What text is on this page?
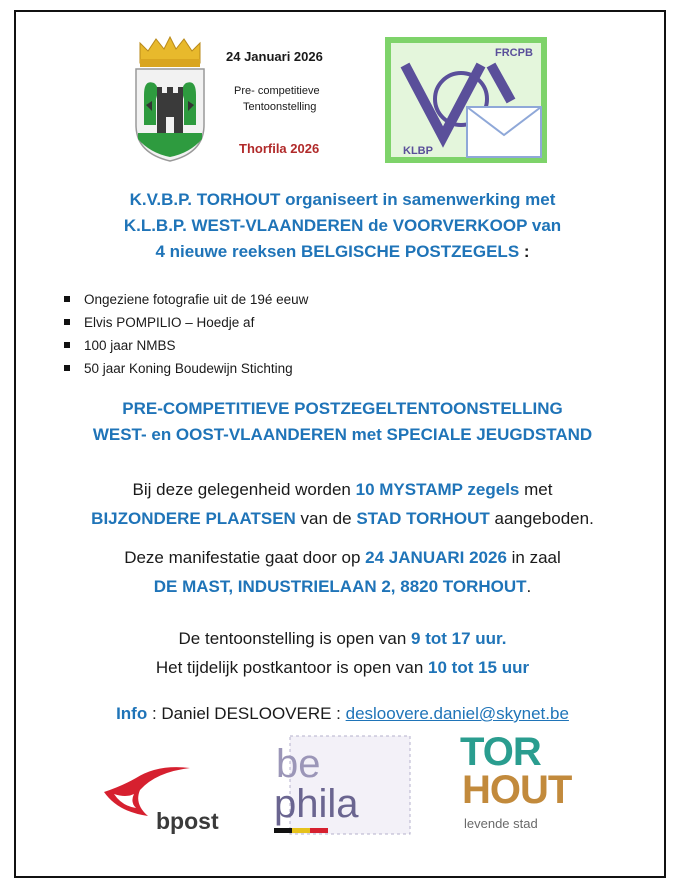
24 Januari 2026
Pre- competitieve
Tentoonstelling
Thorfila 2026
FRCPB
KLBP
K.V.B.P. TORHOUT organiseert in samenwerking met
K.L.B.P. WEST-VLAANDEREN de VOORVERKOOP van
4 nieuwe reeksen BELGISCHE POSTZEGELS :
Ongeziene fotografie uit de 19é eeuw
Elvis POMPILIO – Hoedje af
100 jaar NMBS
50 jaar Koning Boudewijn Stichting
PRE-COMPETITIEVE POSTZEGELTENTOONSTELLING
WEST- en OOST-VLAANDEREN met SPECIALE JEUGDSTAND
Bij deze gelegenheid worden 10 MYSTAMP zegels met
BIJZONDERE PLAATSEN van de STAD TORHOUT aangeboden.
Deze manifestatie gaat door op 24 JANUARI 2026 in zaal
DE MAST, INDUSTRIELAAN 2, 8820 TORHOUT.
De tentoonstelling is open van 9 tot 17 uur.
Het tijdelijk postkantoor is open van 10 tot 15 uur
Info : Daniel DESLOOVERE : desloovere.daniel@skynet.be
bpost
be
phila
TOR
HOUT
levende stad
